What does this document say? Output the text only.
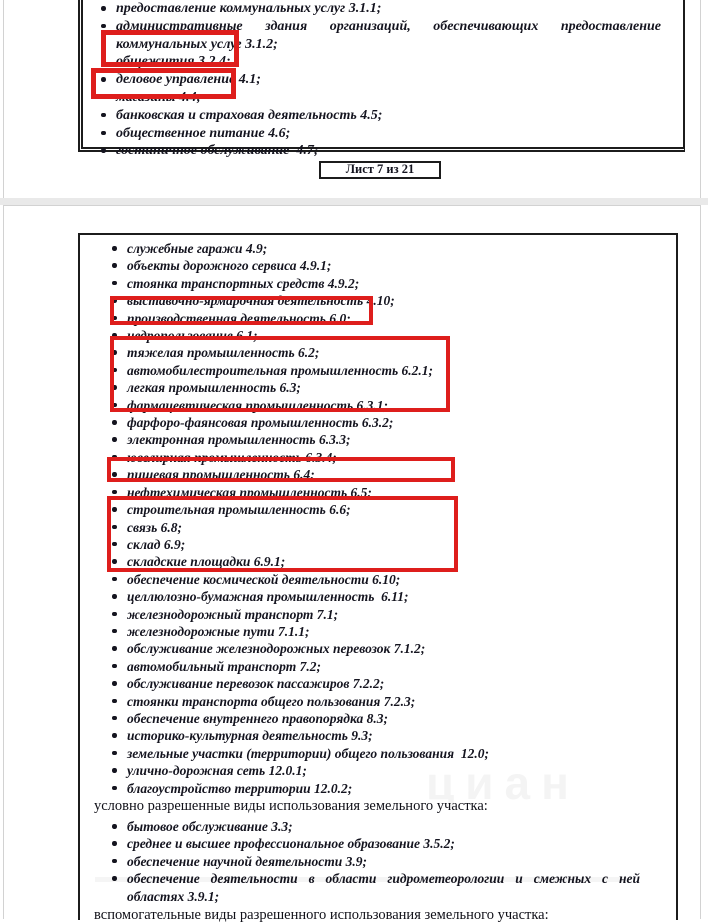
предоставление коммунальных услуг 3.1.1;
административные здания организаций, обеспечивающих предоставление
коммунальных услуг 3.1.2;
общежития 3.2.4;
деловое управление 4.1;
магазины 4.4;
банковская и страховая деятельность 4.5;
общественное питание 4.6;
гостиничное обслуживание  4.7;
Лист 7 из 21
служебные гаражи 4.9;
объекты дорожного сервиса 4.9.1;
стоянка транспортных средств 4.9.2;
выставочно-ярмарочная деятельность 4.10;
производственная деятельность 6.0;
недропользование 6.1;
тяжелая промышленность 6.2;
автомобилестроительная промышленность 6.2.1;
легкая промышленность 6.3;
фармацевтическая промышленность 6.3.1;
фарфоро-фаянсовая промышленность 6.3.2;
электронная промышленность 6.3.3;
ювелирная промышленность 6.3.4;
пищевая промышленность 6.4;
нефтехимическая промышленность 6.5;
строительная промышленность 6.6;
связь 6.8;
склад 6.9;
складские площадки 6.9.1;
обеспечение космической деятельности 6.10;
целлюлозно-бумажная промышленность  6.11;
железнодорожный транспорт 7.1;
железнодорожные пути 7.1.1;
обслуживание железнодорожных перевозок 7.1.2;
автомобильный транспорт 7.2;
обслуживание перевозок пассажиров 7.2.2;
стоянки транспорта общего пользования 7.2.3;
обеспечение внутреннего правопорядка 8.3;
историко-культурная деятельность 9.3;
земельные участки (территории) общего пользования  12.0;
улично-дорожная сеть 12.0.1;
благоустройство территории 12.0.2;

условно разрешенные виды использования земельного участка:

бытовое обслуживание 3.3;
среднее и высшее профессиональное образование 3.5.2;
обеспечение научной деятельности 3.9;
обеспечение деятельности в области гидрометеорологии и смежных с ней
областях 3.9.1;

вспомогательные виды разрешенного использования земельного участка:
